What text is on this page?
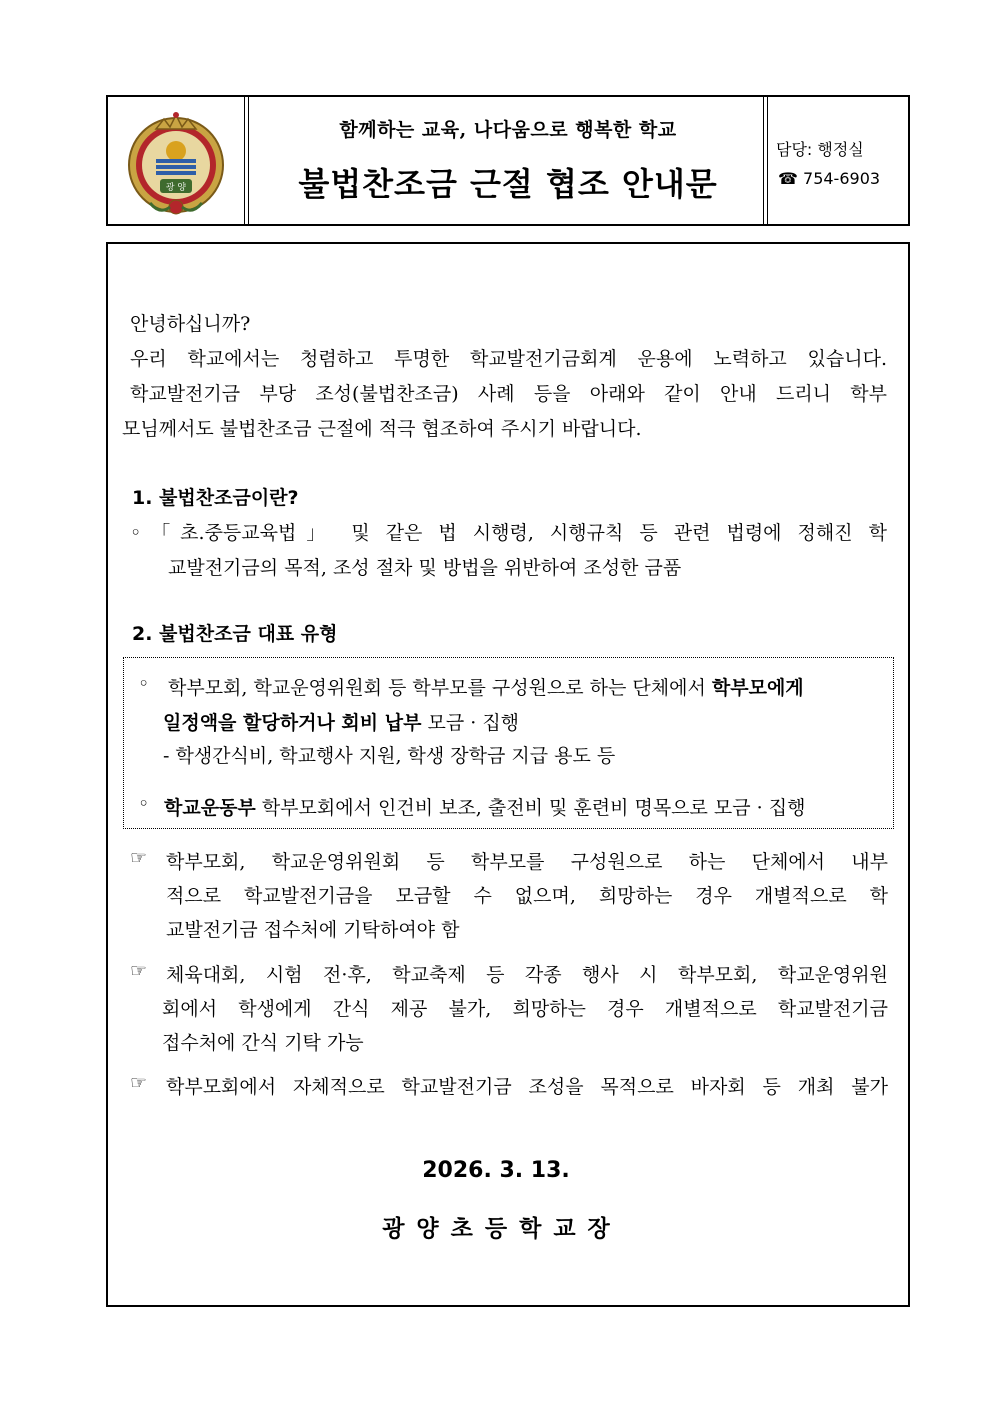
광 양
함께하는 교육, 나다움으로 행복한 학교
불법찬조금 근절 협조 안내문
담당: 행정실
☎ 754-6903
안녕하십니까?
우리 학교에서는 청렴하고 투명한 학교발전기금회계 운용에 노력하고 있습니다.
학교발전기금 부당 조성(불법찬조금) 사례 등을 아래와 같이 안내 드리니 학부
모님께서도 불법찬조금 근절에 적극 협조하여 주시기 바랍니다.
1. 불법찬조금이란?
◦「초.중등교육법」 및 같은 법 시행령, 시행규칙 등 관련 법령에 정해진 학
교발전기금의 목적, 조성 절차 및 방법을 위반하여 조성한 금품
2. 불법찬조금 대표 유형
◦ 학부모회, 학교운영위원회 등 학부모를 구성원으로 하는 단체에서 학부모에게
일정액을 할당하거나 회비 납부 모금 · 집행
- 학생간식비, 학교행사 지원, 학생 장학금 지급 용도 등
◦ 학교운동부 학부모회에서 인건비 보조, 출전비 및 훈련비 명목으로 모금 · 집행
☞ 학부모회, 학교운영위원회 등 학부모를 구성원으로 하는 단체에서 내부
적으로 학교발전기금을 모금할 수 없으며, 희망하는 경우 개별적으로 학
교발전기금 접수처에 기탁하여야 함
☞ 체육대회, 시험 전·후, 학교축제 등 각종 행사 시 학부모회, 학교운영위원
회에서 학생에게 간식 제공 불가, 희망하는 경우 개별적으로 학교발전기금
접수처에 간식 기탁 가능
☞ 학부모회에서 자체적으로 학교발전기금 조성을 목적으로 바자회 등 개최 불가
2026. 3. 13.
광 양 초 등 학 교 장
